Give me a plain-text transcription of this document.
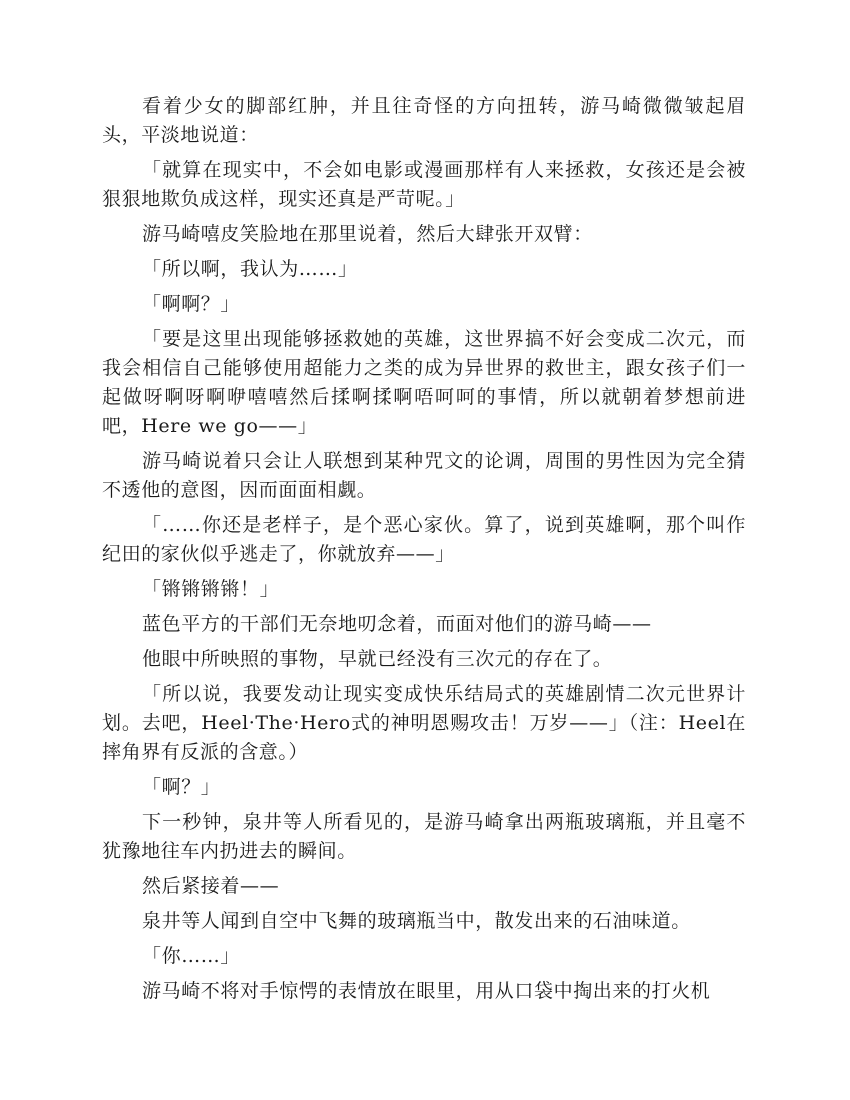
看着少女的脚部红肿，并且往奇怪的方向扭转，游马崎微微皱起眉头，平淡地说道：

「就算在现实中，不会如电影或漫画那样有人来拯救，女孩还是会被狠狠地欺负成这样，现实还真是严苛呢。」

游马崎嘻皮笑脸地在那里说着，然后大肆张开双臂：

「所以啊，我认为……」

「啊啊？」

「要是这里出现能够拯救她的英雄，这世界搞不好会变成二次元，而我会相信自己能够使用超能力之类的成为异世界的救世主，跟女孩子们一起做呀啊呀啊咿嘻嘻然后揉啊揉啊唔呵呵的事情，所以就朝着梦想前进吧，Here we go——」

游马崎说着只会让人联想到某种咒文的论调，周围的男性因为完全猜不透他的意图，因而面面相觑。

「……你还是老样子，是个恶心家伙。算了，说到英雄啊，那个叫作纪田的家伙似乎逃走了，你就放弃——」

「锵锵锵锵！」

蓝色平方的干部们无奈地叨念着，而面对他们的游马崎——

他眼中所映照的事物，早就已经没有三次元的存在了。

「所以说，我要发动让现实变成快乐结局式的英雄剧情二次元世界计划。去吧，Heel·The·Hero式的神明恩赐攻击！万岁——」（注：Heel在摔角界有反派的含意。）

「啊？」

下一秒钟，泉井等人所看见的，是游马崎拿出两瓶玻璃瓶，并且毫不犹豫地往车内扔进去的瞬间。

然后紧接着——

泉井等人闻到自空中飞舞的玻璃瓶当中，散发出来的石油味道。

「你……」

游马崎不将对手惊愕的表情放在眼里，用从口袋中掏出来的打火机
